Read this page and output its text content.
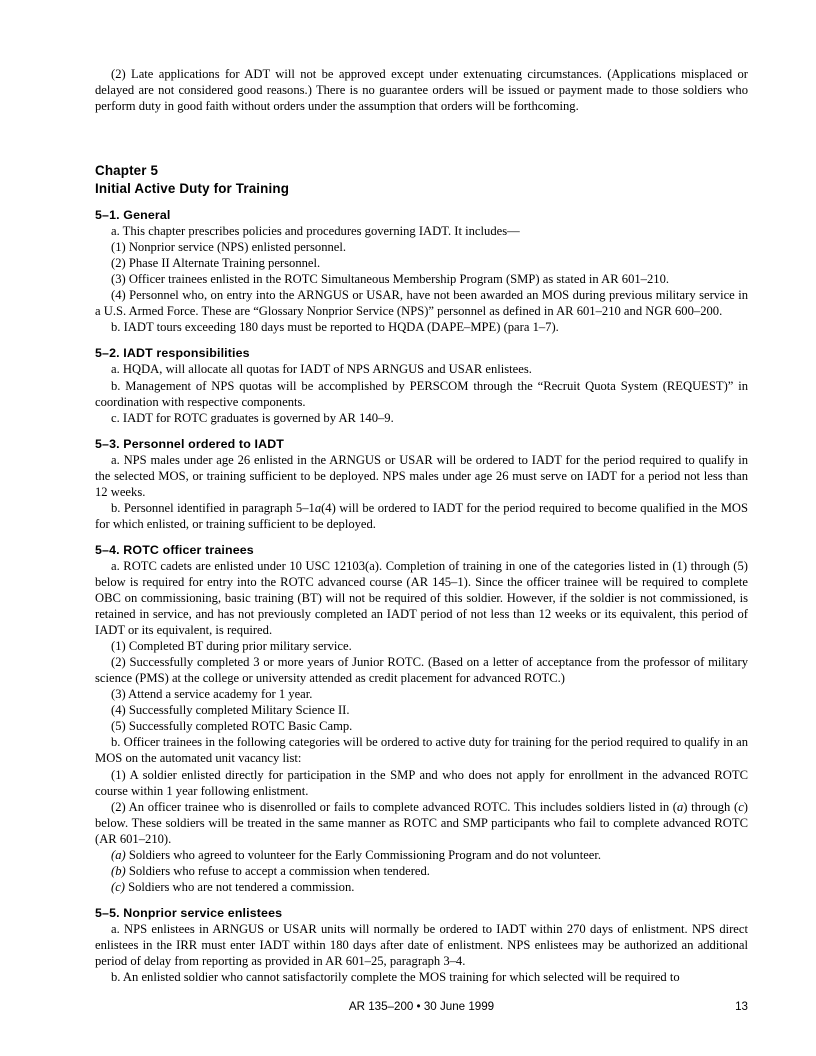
(2) Late applications for ADT will not be approved except under extenuating circumstances. (Applications misplaced or delayed are not considered good reasons.) There is no guarantee orders will be issued or payment made to those soldiers who perform duty in good faith without orders under the assumption that orders will be forthcoming.

Chapter 5
Initial Active Duty for Training
5–1. General

a. This chapter prescribes policies and procedures governing IADT. It includes—

(1) Nonprior service (NPS) enlisted personnel.

(2) Phase II Alternate Training personnel.

(3) Officer trainees enlisted in the ROTC Simultaneous Membership Program (SMP) as stated in AR 601–210.

(4) Personnel who, on entry into the ARNGUS or USAR, have not been awarded an MOS during previous military service in a U.S. Armed Force. These are “Glossary Nonprior Service (NPS)” personnel as defined in AR 601–210 and NGR 600–200.

b. IADT tours exceeding 180 days must be reported to HQDA (DAPE–MPE) (para 1–7).

5–2. IADT responsibilities

a. HQDA, will allocate all quotas for IADT of NPS ARNGUS and USAR enlistees.

b. Management of NPS quotas will be accomplished by PERSCOM through the “Recruit Quota System (REQUEST)” in coordination with respective components.

c. IADT for ROTC graduates is governed by AR 140–9.

5–3. Personnel ordered to IADT

a. NPS males under age 26 enlisted in the ARNGUS or USAR will be ordered to IADT for the period required to qualify in the selected MOS, or training sufficient to be deployed. NPS males under age 26 must serve on IADT for a period not less than 12 weeks.

b. Personnel identified in paragraph 5–1a(4) will be ordered to IADT for the period required to become qualified in the MOS for which enlisted, or training sufficient to be deployed.

5–4. ROTC officer trainees

a. ROTC cadets are enlisted under 10 USC 12103(a). Completion of training in one of the categories listed in (1) through (5) below is required for entry into the ROTC advanced course (AR 145–1). Since the officer trainee will be required to complete OBC on commissioning, basic training (BT) will not be required of this soldier. However, if the soldier is not commissioned, is retained in service, and has not previously completed an IADT period of not less than 12 weeks or its equivalent, this period of IADT or its equivalent, is required.

(1) Completed BT during prior military service.

(2) Successfully completed 3 or more years of Junior ROTC. (Based on a letter of acceptance from the professor of military science (PMS) at the college or university attended as credit placement for advanced ROTC.)

(3) Attend a service academy for 1 year.

(4) Successfully completed Military Science II.

(5) Successfully completed ROTC Basic Camp.

b. Officer trainees in the following categories will be ordered to active duty for training for the period required to qualify in an MOS on the automated unit vacancy list:

(1) A soldier enlisted directly for participation in the SMP and who does not apply for enrollment in the advanced ROTC course within 1 year following enlistment.

(2) An officer trainee who is disenrolled or fails to complete advanced ROTC. This includes soldiers listed in (a) through (c) below. These soldiers will be treated in the same manner as ROTC and SMP participants who fail to complete advanced ROTC (AR 601–210).

(a) Soldiers who agreed to volunteer for the Early Commissioning Program and do not volunteer.

(b) Soldiers who refuse to accept a commission when tendered.

(c) Soldiers who are not tendered a commission.

5–5. Nonprior service enlistees

a. NPS enlistees in ARNGUS or USAR units will normally be ordered to IADT within 270 days of enlistment. NPS direct enlistees in the IRR must enter IADT within 180 days after date of enlistment. NPS enlistees may be authorized an additional period of delay from reporting as provided in AR 601–25, paragraph 3–4.

b. An enlisted soldier who cannot satisfactorily complete the MOS training for which selected will be required to

AR 135–200 • 30 June 1999	13
